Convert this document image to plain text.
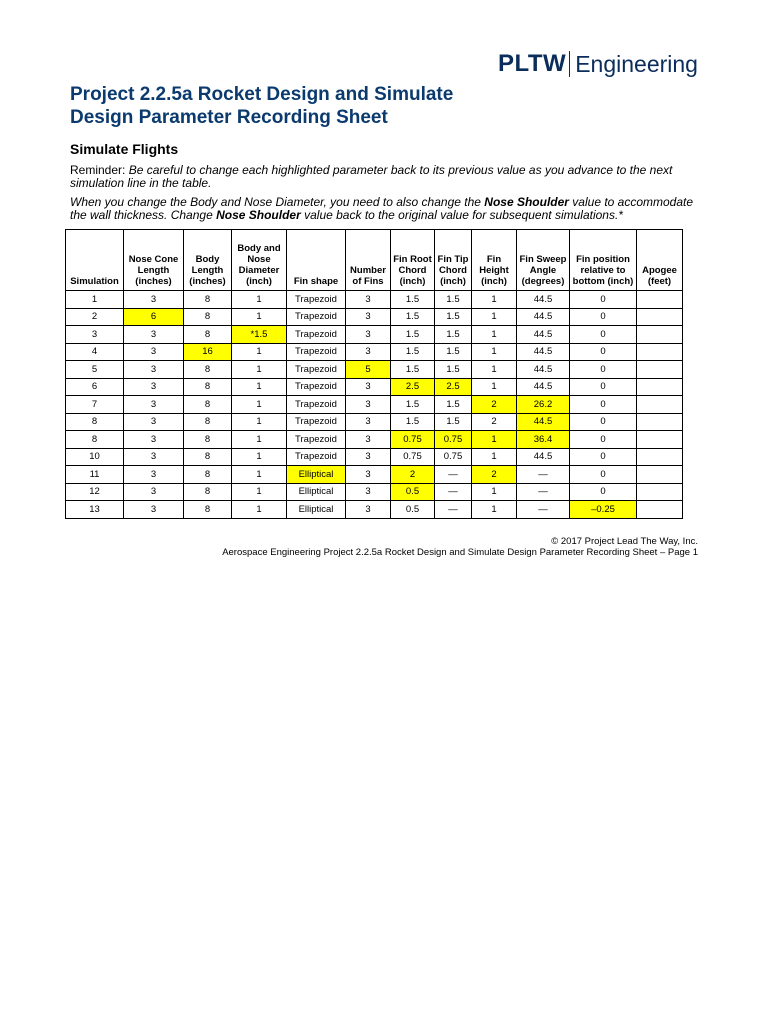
PLTW Engineering
Project 2.2.5a Rocket Design and Simulate
Design Parameter Recording Sheet
Simulate Flights
Reminder: Be careful to change each highlighted parameter back to its previous value as you advance to the next simulation line in the table.
When you change the Body and Nose Diameter, you need to also change the Nose Shoulder value to accommodate the wall thickness. Change Nose Shoulder value back to the original value for subsequent simulations.*
Simulation	Nose Cone Length (inches)	Body Length (inches)	Body and Nose Diameter (inch)	Fin shape	Number of Fins	Fin Root Chord (inch)	Fin Tip Chord (inch)	Fin Height (inch)	Fin Sweep Angle (degrees)	Fin position relative to bottom (inch)	Apogee (feet)
1	3	8	1	Trapezoid	3	1.5	1.5	1	44.5	0	
2	6	8	1	Trapezoid	3	1.5	1.5	1	44.5	0	
3	3	8	*1.5	Trapezoid	3	1.5	1.5	1	44.5	0	
4	3	16	1	Trapezoid	3	1.5	1.5	1	44.5	0	
5	3	8	1	Trapezoid	5	1.5	1.5	1	44.5	0	
6	3	8	1	Trapezoid	3	2.5	2.5	1	44.5	0	
7	3	8	1	Trapezoid	3	1.5	1.5	2	26.2	0	
8	3	8	1	Trapezoid	3	1.5	1.5	2	44.5	0	
8	3	8	1	Trapezoid	3	0.75	0.75	1	36.4	0	
10	3	8	1	Trapezoid	3	0.75	0.75	1	44.5	0	
11	3	8	1	Elliptical	3	2	—	2	—	0	
12	3	8	1	Elliptical	3	0.5	—	1	—	0	
13	3	8	1	Elliptical	3	0.5	—	1	—	–0.25	
© 2017 Project Lead The Way, Inc.
Aerospace Engineering Project 2.2.5a Rocket Design and Simulate Design Parameter Recording Sheet – Page 1
